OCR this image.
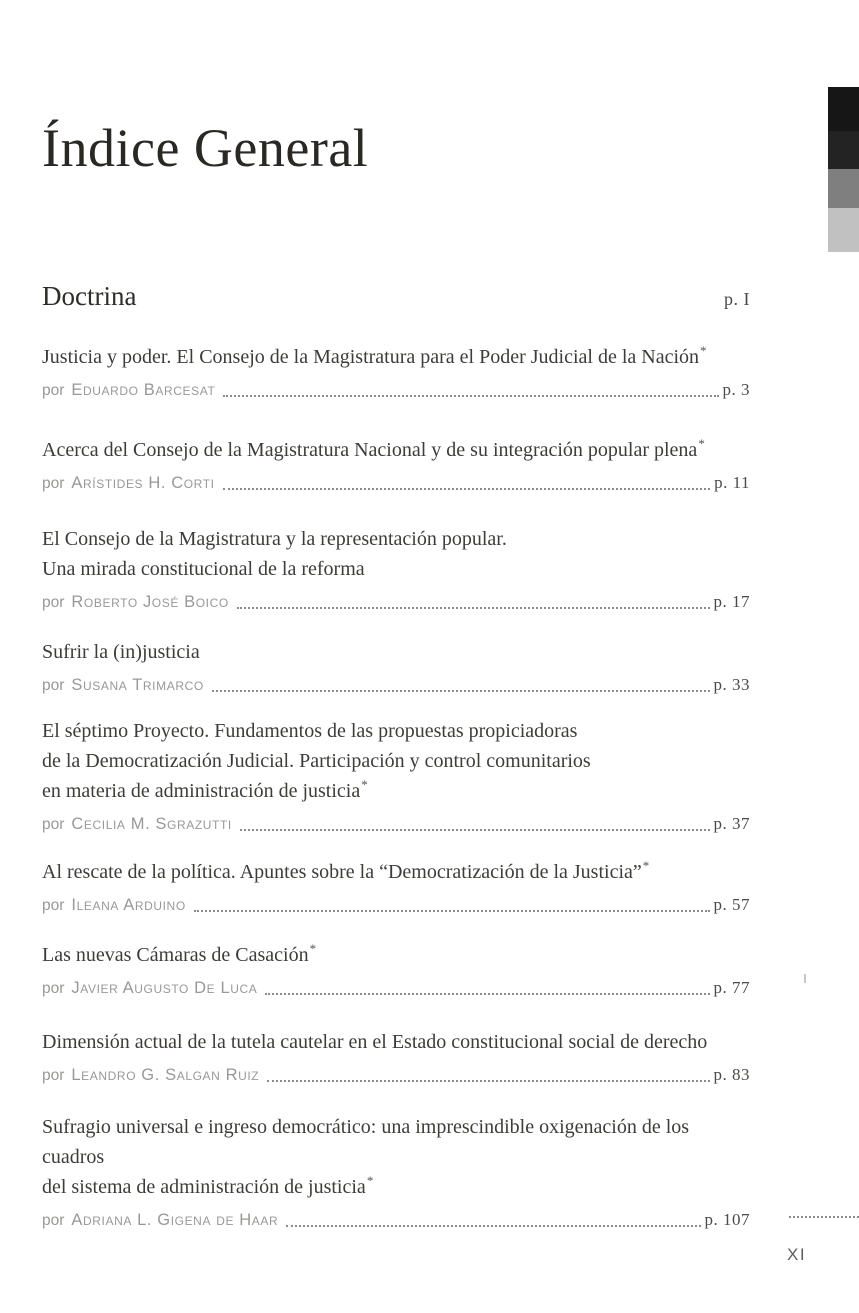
Índice General
Doctrina	p. I
Justicia y poder. El Consejo de la Magistratura para el Poder Judicial de la Nación*
por Eduardo Barcesat	p. 3
Acerca del Consejo de la Magistratura Nacional y de su integración popular plena*
por Arístides H. Corti	p. 11
El Consejo de la Magistratura y la representación popular.
Una mirada constitucional de la reforma
por Roberto José Boico	p. 17
Sufrir la (in)justicia
por Susana Trimarco	p. 33
El séptimo Proyecto. Fundamentos de las propuestas propiciadoras
de la Democratización Judicial. Participación y control comunitarios
en materia de administración de justicia*
por Cecilia M. Sgrazutti	p. 37
Al rescate de la política. Apuntes sobre la “Democratización de la Justicia”*
por Ileana Arduino	p. 57
Las nuevas Cámaras de Casación*
por Javier Augusto De Luca	p. 77
Dimensión actual de la tutela cautelar en el Estado constitucional social de derecho
por Leandro G. Salgan Ruiz	p. 83
Sufragio universal e ingreso democrático: una imprescindible oxigenación de los cuadros
del sistema de administración de justicia*
por Adriana L. Gigena de Haar	p. 107
XI
